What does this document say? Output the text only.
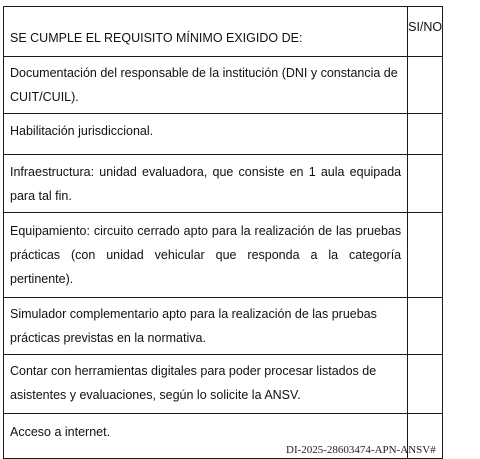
SE CUMPLE EL REQUISITO MÍNIMO EXIGIDO DE:	SI/NO
Documentación del responsable de la institución (DNI y constancia de CUIT/CUIL).	
Habilitación jurisdiccional.	
Infraestructura: unidad evaluadora, que consiste en 1 aula equipada para tal fin.	
Equipamiento: circuito cerrado apto para la realización de las pruebas prácticas (con unidad vehicular que responda a la categoría pertinente).	
Simulador complementario apto para la realización de las pruebas prácticas previstas en la normativa.	
Contar con herramientas digitales para poder procesar listados de asistentes y evaluaciones, según lo solicite la ANSV.	
Acceso a internet.	
DI-2025-28603474-APN-ANSV#
